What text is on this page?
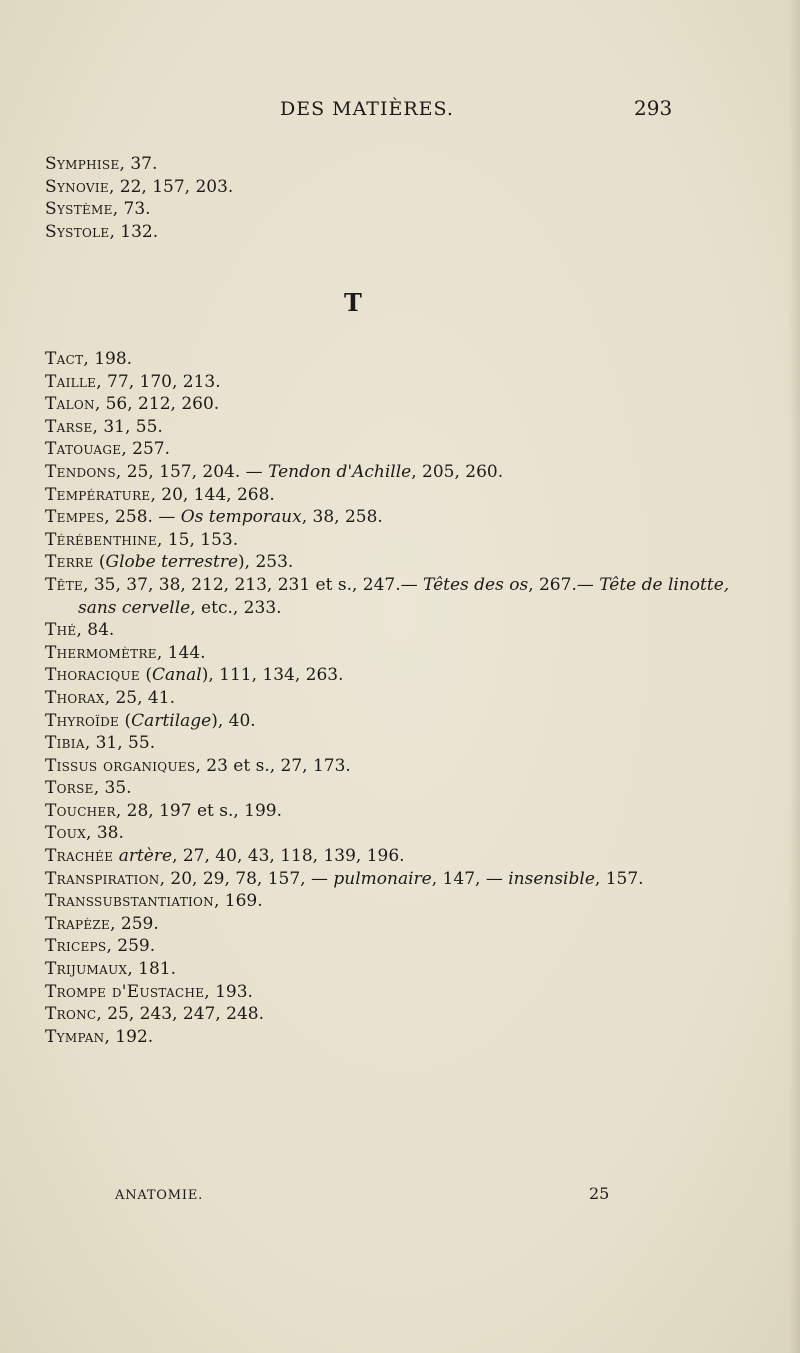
DES MATIÈRES.	293
Symphise, 37.
Synovie, 22, 157, 203.
Système, 73.
Systole, 132.
T
Tact, 198.
Taille, 77, 170, 213.
Talon, 56, 212, 260.
Tarse, 31, 55.
Tatouage, 257.
Tendons, 25, 157, 204. — Tendon d'Achille, 205, 260.
Température, 20, 144, 268.
Tempes, 258. — Os temporaux, 38, 258.
Térébenthine, 15, 153.
Terre (Globe terrestre), 253.
Tête, 35, 37, 38, 212, 213, 231 et s., 247.— Têtes des os, 267.— Tête de linotte,
sans cervelle, etc., 233.
Thé, 84.
Thermomètre, 144.
Thoracique (Canal), 111, 134, 263.
Thorax, 25, 41.
Thyroïde (Cartilage), 40.
Tibia, 31, 55.
Tissus organiques, 23 et s., 27, 173.
Torse, 35.
Toucher, 28, 197 et s., 199.
Toux, 38.
Trachée artère, 27, 40, 43, 118, 139, 196.
Transpiration, 20, 29, 78, 157, — pulmonaire, 147, — insensible, 157.
Transsubstantiation, 169.
Trapèze, 259.
Triceps, 259.
Trijumaux, 181.
Trompe d'Eustache, 193.
Tronc, 25, 243, 247, 248.
Tympan, 192.
ANATOMIE.	25
